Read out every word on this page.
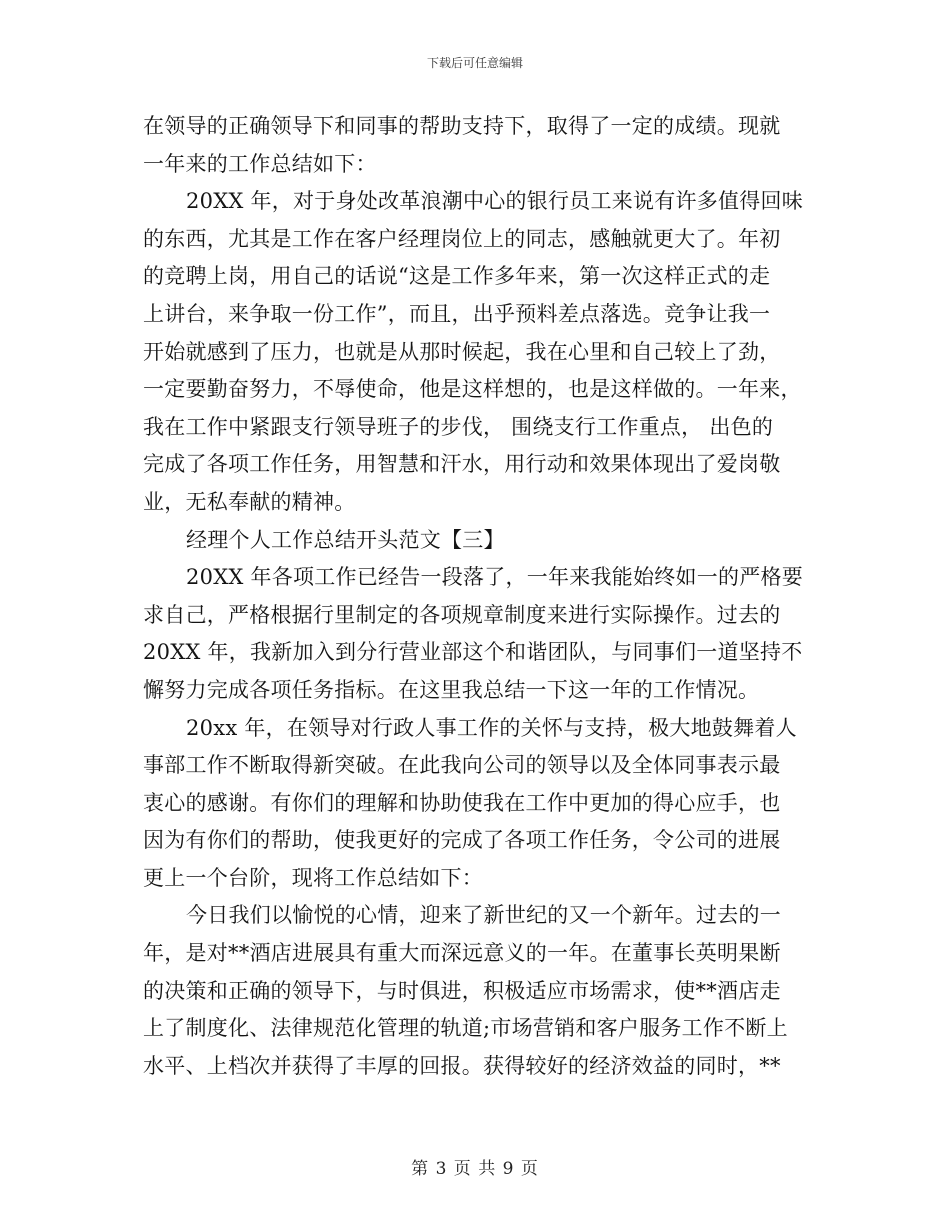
下载后可任意编辑
在领导的正确领导下和同事的帮助支持下，取得了一定的成绩。现就
一年来的工作总结如下：
20XX 年，对于身处改革浪潮中心的银行员工来说有许多值得回味
的东西，尤其是工作在客户经理岗位上的同志，感触就更大了。年初
的竞聘上岗，用自己的话说“这是工作多年来，第一次这样正式的走
上讲台，来争取一份工作”，而且，出乎预料差点落选。竞争让我一
开始就感到了压力，也就是从那时候起，我在心里和自己较上了劲，
一定要勤奋努力，不辱使命，他是这样想的，也是这样做的。一年来，
我在工作中紧跟支行领导班子的步伐， 围绕支行工作重点， 出色的
完成了各项工作任务，用智慧和汗水，用行动和效果体现出了爱岗敬
业，无私奉献的精神。
经理个人工作总结开头范文【三】
20XX 年各项工作已经告一段落了，一年来我能始终如一的严格要
求自己，严格根据行里制定的各项规章制度来进行实际操作。过去的
20XX 年，我新加入到分行营业部这个和谐团队，与同事们一道坚持不
懈努力完成各项任务指标。在这里我总结一下这一年的工作情况。
20xx 年，在领导对行政人事工作的关怀与支持，极大地鼓舞着人
事部工作不断取得新突破。在此我向公司的领导以及全体同事表示最
衷心的感谢。有你们的理解和协助使我在工作中更加的得心应手，也
因为有你们的帮助，使我更好的完成了各项工作任务，令公司的进展
更上一个台阶，现将工作总结如下：
今日我们以愉悦的心情，迎来了新世纪的又一个新年。过去的一
年，是对**酒店进展具有重大而深远意义的一年。在董事长英明果断
的决策和正确的领导下，与时俱进，积极适应市场需求，使**酒店走
上了制度化、法律规范化管理的轨道;市场营销和客户服务工作不断上
水平、上档次并获得了丰厚的回报。获得较好的经济效益的同时，**
第 3 页 共 9 页
